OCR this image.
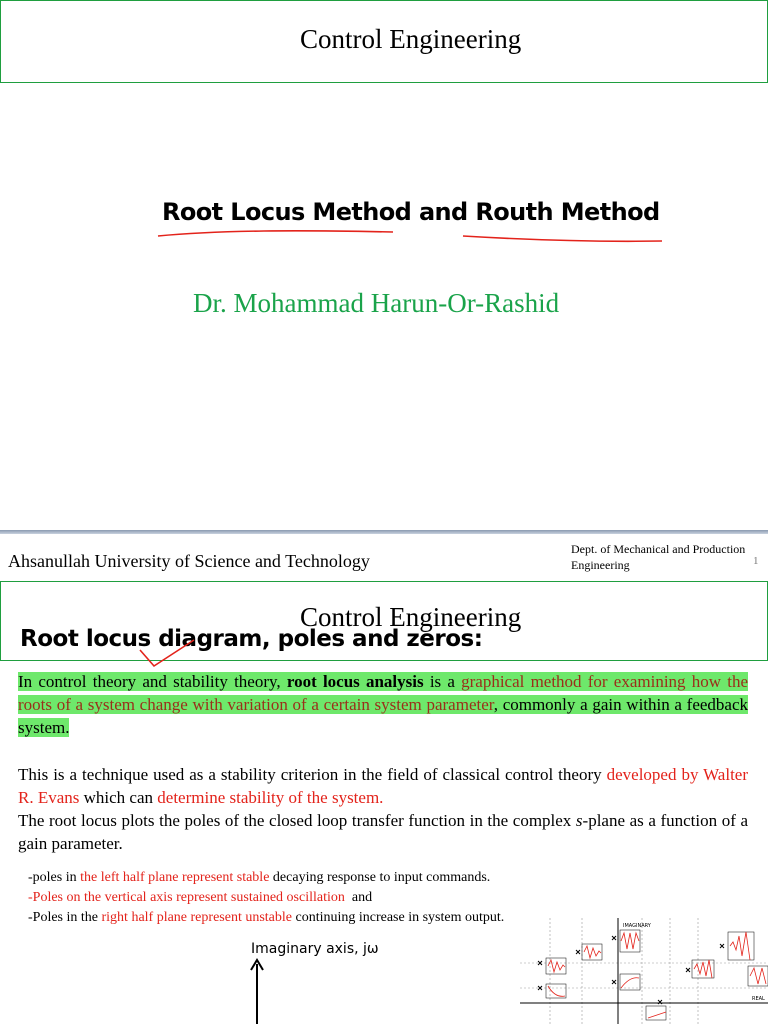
Control Engineering
Root Locus Method and Routh Method
Dr. Mohammad Harun-Or-Rashid
Ahsanullah University of Science and Technology
Dept. of Mechanical and Production
Engineering	1
Control Engineering
Root locus diagram, poles and zeros:
In control theory and stability theory, root locus analysis is a graphical method for examining how the roots of a system change with variation of a certain system parameter, commonly a gain within a feedback system.
This is a technique used as a stability criterion in the field of classical control theory developed by Walter R. Evans which can determine stability of the system.
The root locus plots the poles of the closed loop transfer function in the complex s-plane as a function of a gain parameter.
-poles in the left half plane represent stable decaying response to input commands.
-Poles on the vertical axis represent sustained oscillation  and
-Poles in the right half plane represent unstable continuing increase in system output.
Imaginary axis, jω
IMAGINARY
REAL
